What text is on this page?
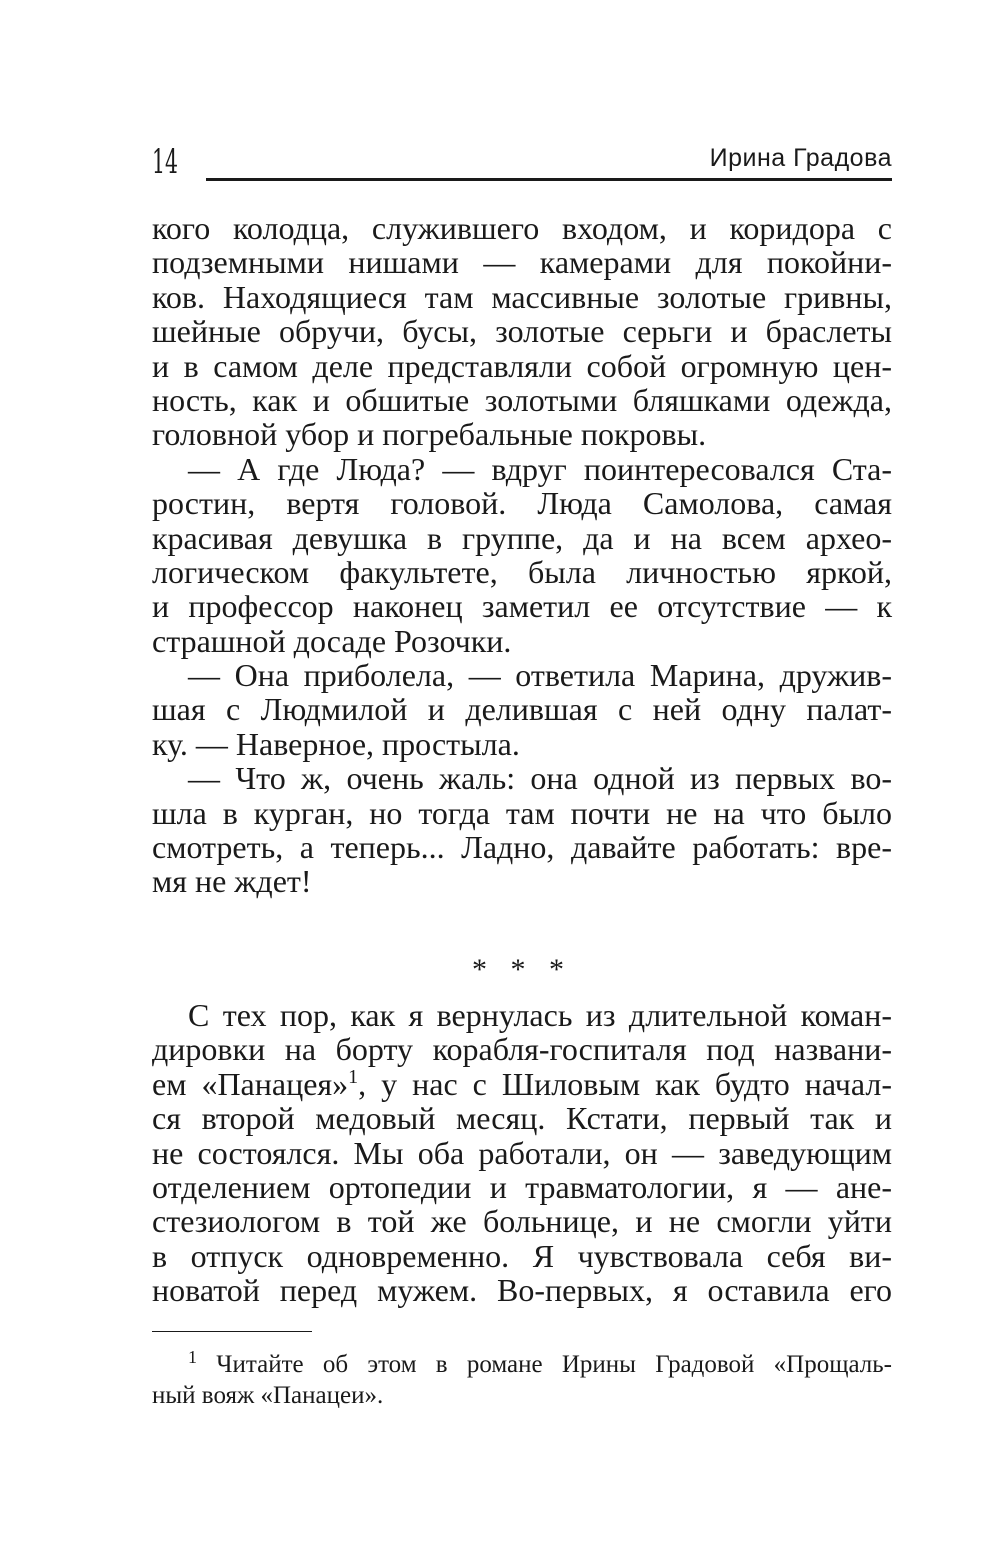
14	Ирина Градова
кого колодца, служившего входом, и коридора с
подземными нишами — камерами для покойни-
ков. Находящиеся там массивные золотые гривны,
шейные обручи, бусы, золотые серьги и браслеты
и в самом деле представляли собой огромную цен-
ность, как и обшитые золотыми бляшками одежда,
головной убор и погребальные покровы.
— А где Люда? — вдруг поинтересовался Ста-
ростин, вертя головой. Люда Самолова, самая
красивая девушка в группе, да и на всем архео-
логическом факультете, была личностью яркой,
и профессор наконец заметил ее отсутствие — к
страшной досаде Розочки.
— Она приболела, — ответила Марина, дружив-
шая с Людмилой и делившая с ней одну палат-
ку. — Наверное, простыла.
— Что ж, очень жаль: она одной из первых во-
шла в курган, но тогда там почти не на что было
смотреть, а теперь... Ладно, давайте работать: вре-
мя не ждет!
* * *
С тех пор, как я вернулась из длительной коман-
дировки на борту корабля-госпиталя под названи-
ем «Панацея»$^1$, у нас с Шиловым как будто начал-
ся второй медовый месяц. Кстати, первый так и
не состоялся. Мы оба работали, он — заведующим
отделением ортопедии и травматологии, я — ане-
стезиологом в той же больнице, и не смогли уйти
в отпуск одновременно. Я чувствовала себя ви-
новатой перед мужем. Во-первых, я оставила его
$^1$ Читайте об этом в романе Ирины Градовой «Прощаль-
ный вояж «Панацеи».
